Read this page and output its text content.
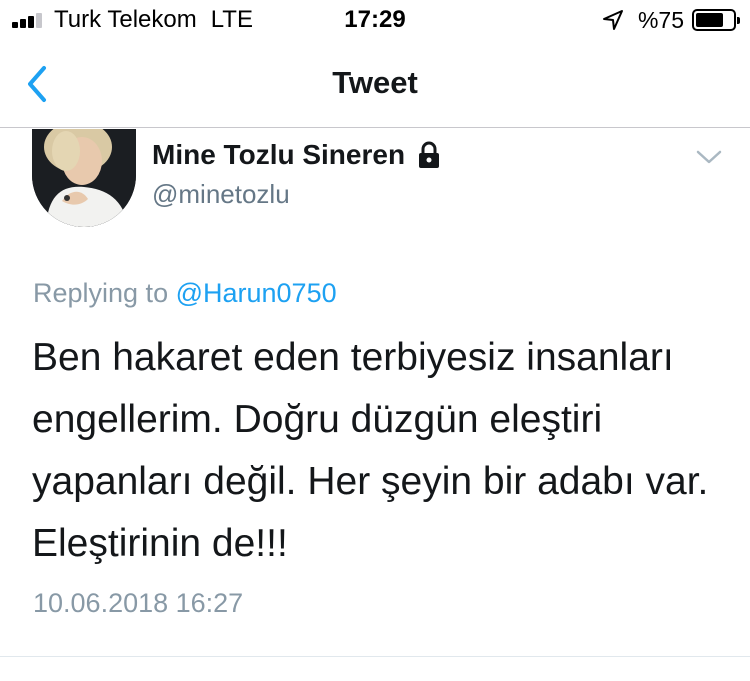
Turk Telekom LTE	17:29	%75
Tweet
Mine Tozlu Sineren
@minetozlu
Replying to @Harun0750
Ben hakaret eden terbiyesiz insanları
engellerim. Doğru düzgün eleştiri
yapanları değil. Her şeyin bir adabı var.
Eleştirinin de!!!
10.06.2018 16:27
